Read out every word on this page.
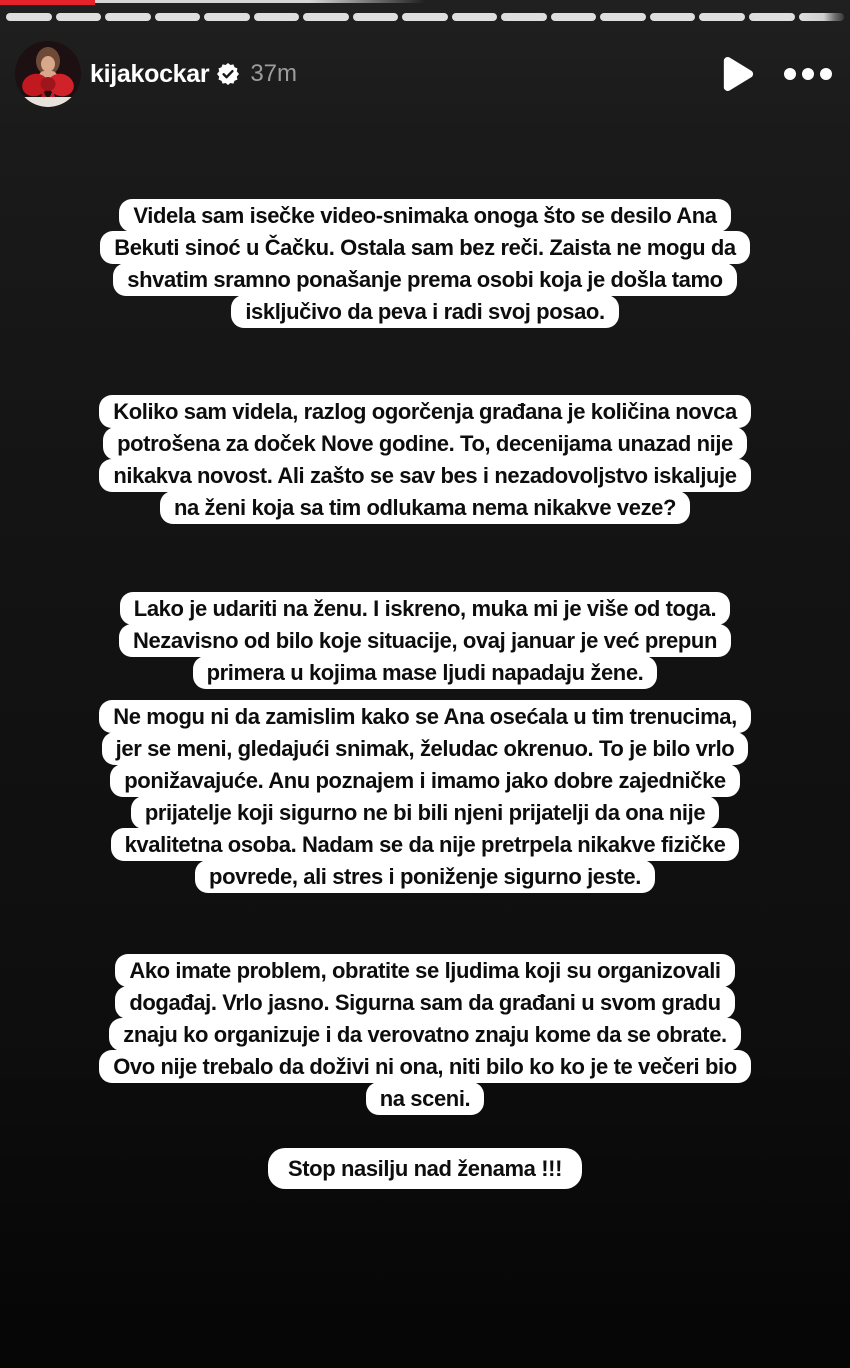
kijakockar 37m
Videla sam isečke video-snimaka onoga što se desilo Ana
Bekuti sinoć u Čačku. Ostala sam bez reči. Zaista ne mogu da
shvatim sramno ponašanje prema osobi koja je došla tamo
isključivo da peva i radi svoj posao.
Koliko sam videla, razlog ogorčenja građana je količina novca
potrošena za doček Nove godine. To, decenijama unazad nije
nikakva novost. Ali zašto se sav bes i nezadovoljstvo iskaljuje
na ženi koja sa tim odlukama nema nikakve veze?
Lako je udariti na ženu. I iskreno, muka mi je više od toga.
Nezavisno od bilo koje situacije, ovaj januar je već prepun
primera u kojima mase ljudi napadaju žene.
Ne mogu ni da zamislim kako se Ana osećala u tim trenucima,
jer se meni, gledajući snimak, želudac okrenuo. To je bilo vrlo
ponižavajuće. Anu poznajem i imamo jako dobre zajedničke
prijatelje koji sigurno ne bi bili njeni prijatelji da ona nije
kvalitetna osoba. Nadam se da nije pretrpela nikakve fizičke
povrede, ali stres i poniženje sigurno jeste.
Ako imate problem, obratite se ljudima koji su organizovali
događaj. Vrlo jasno. Sigurna sam da građani u svom gradu
znaju ko organizuje i da verovatno znaju kome da se obrate.
Ovo nije trebalo da doživi ni ona, niti bilo ko ko je te večeri bio
na sceni.
Stop nasilju nad ženama !!!
